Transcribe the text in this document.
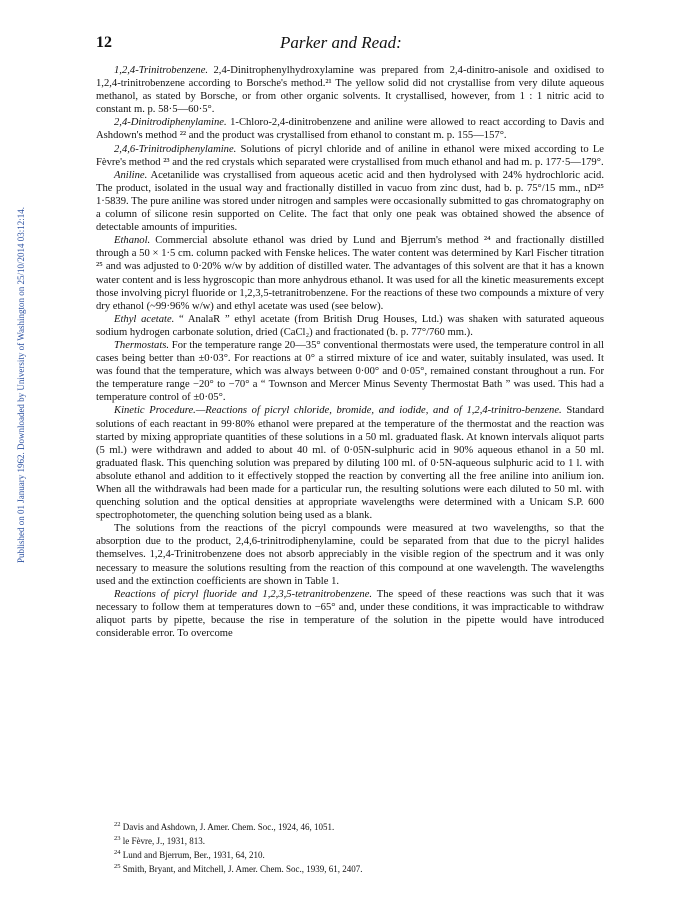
Published on 01 January 1962. Downloaded by University of Washington on 25/10/2014 03:12:14.
12	Parker and Read:

1,2,4-Trinitrobenzene. 2,4-Dinitrophenylhydroxylamine was prepared from 2,4-dinitro-anisole and oxidised to 1,2,4-trinitrobenzene according to Borsche's method.²¹ The yellow solid did not crystallise from very dilute aqueous methanol, as stated by Borsche, or from other organic solvents. It crystallised, however, from 1 : 1 nitric acid to constant m. p. 58·5—60·5°.

2,4-Dinitrodiphenylamine. 1-Chloro-2,4-dinitrobenzene and aniline were allowed to react according to Davis and Ashdown's method ²² and the product was crystallised from ethanol to constant m. p. 155—157°.

2,4,6-Trinitrodiphenylamine. Solutions of picryl chloride and of aniline in ethanol were mixed according to Le Fèvre's method ²³ and the red crystals which separated were crystallised from much ethanol and had m. p. 177·5—179°.

Aniline. Acetanilide was crystallised from aqueous acetic acid and then hydrolysed with 24% hydrochloric acid. The product, isolated in the usual way and fractionally distilled in vacuo from zinc dust, had b. p. 75°/15 mm., nD²⁵ 1·5839. The pure aniline was stored under nitrogen and samples were occasionally submitted to gas chromatography on a column of silicone resin supported on Celite. The fact that only one peak was obtained showed the absence of detectable amounts of impurities.

Ethanol. Commercial absolute ethanol was dried by Lund and Bjerrum's method ²⁴ and fractionally distilled through a 50 × 1·5 cm. column packed with Fenske helices. The water content was determined by Karl Fischer titration ²⁵ and was adjusted to 0·20% w/w by addition of distilled water. The advantages of this solvent are that it has a known water content and is less hygroscopic than more anhydrous ethanol. It was used for all the kinetic measurements except those involving picryl fluoride or 1,2,3,5-tetranitrobenzene. For the reactions of these two compounds a mixture of very dry ethanol (~99·96% w/w) and ethyl acetate was used (see below).

Ethyl acetate. “ AnalaR ” ethyl acetate (from British Drug Houses, Ltd.) was shaken with saturated aqueous sodium hydrogen carbonate solution, dried (CaCl₂) and fractionated (b. p. 77°/760 mm.).

Thermostats. For the temperature range 20—35° conventional thermostats were used, the temperature control in all cases being better than ±0·03°. For reactions at 0° a stirred mixture of ice and water, suitably insulated, was used. It was found that the temperature, which was always between 0·00° and 0·05°, remained constant throughout a run. For the temperature range −20° to −70° a “ Townson and Mercer Minus Seventy Thermostat Bath ” was used. This had a temperature control of ±0·05°.

Kinetic Procedure.—Reactions of picryl chloride, bromide, and iodide, and of 1,2,4-trinitro-benzene. Standard solutions of each reactant in 99·80% ethanol were prepared at the temperature of the thermostat and the reaction was started by mixing appropriate quantities of these solutions in a 50 ml. graduated flask. At known intervals aliquot parts (5 ml.) were withdrawn and added to about 40 ml. of 0·05N-sulphuric acid in 90% aqueous ethanol in a 50 ml. graduated flask. This quenching solution was prepared by diluting 100 ml. of 0·5N-aqueous sulphuric acid to 1 l. with absolute ethanol and addition to it effectively stopped the reaction by converting all the free aniline into anilium ion. When all the withdrawals had been made for a particular run, the resulting solutions were each diluted to 50 ml. with quenching solution and the optical densities at appropriate wavelengths were determined with a Unicam S.P. 600 spectrophotometer, the quenching solution being used as a blank.

The solutions from the reactions of the picryl compounds were measured at two wavelengths, so that the absorption due to the product, 2,4,6-trinitrodiphenylamine, could be separated from that due to the picryl halides themselves. 1,2,4-Trinitrobenzene does not absorb appreciably in the visible region of the spectrum and it was only necessary to measure the solutions resulting from the reaction of this compound at one wavelength. The wavelengths used and the extinction coefficients are shown in Table 1.

Reactions of picryl fluoride and 1,2,3,5-tetranitrobenzene. The speed of these reactions was such that it was necessary to follow them at temperatures down to −65° and, under these conditions, it was impracticable to withdraw aliquot parts by pipette, because the rise in temperature of the solution in the pipette would have introduced considerable error. To overcome

$^{22}$ Davis and Ashdown, J. Amer. Chem. Soc., 1924, 46, 1051.

$^{23}$ le Fèvre, J., 1931, 813.

$^{24}$ Lund and Bjerrum, Ber., 1931, 64, 210.

$^{25}$ Smith, Bryant, and Mitchell, J. Amer. Chem. Soc., 1939, 61, 2407.
